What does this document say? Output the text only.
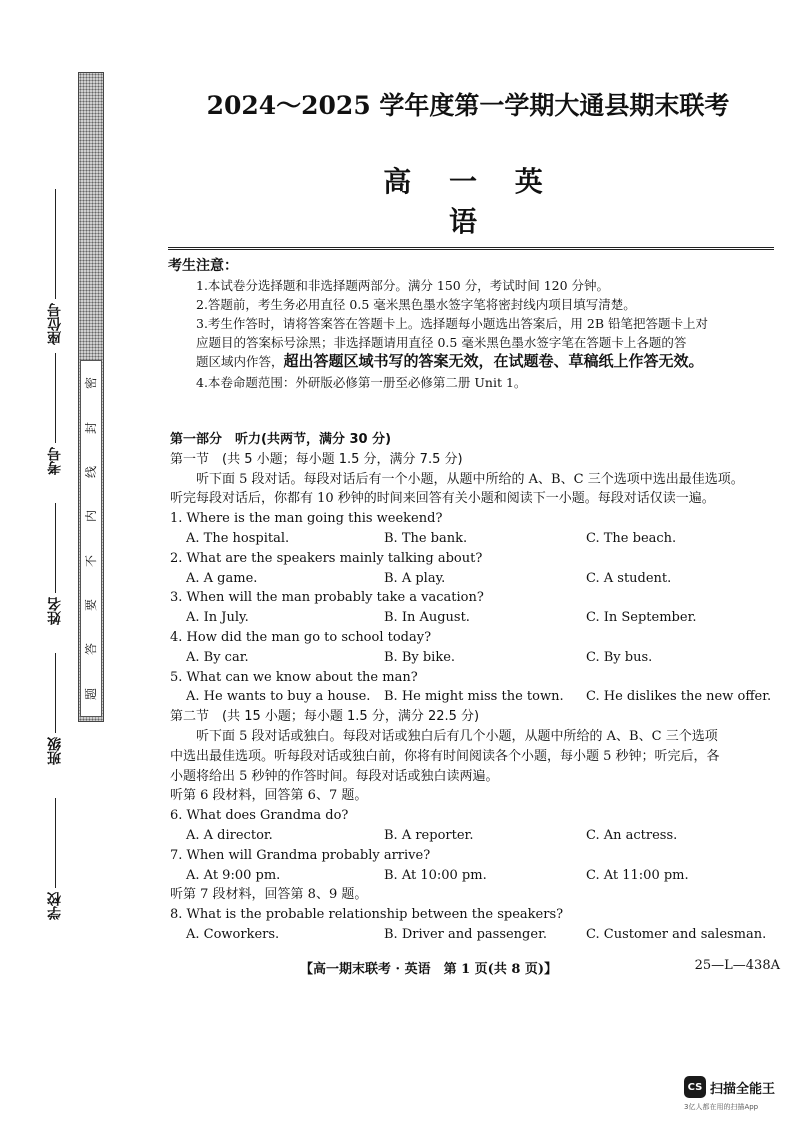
密
封
线
内
不
要
答
题
座位号
考号
姓名
班级
学校
2024～2025 学年度第一学期大通县期末联考
高 一 英 语
考生注意：
1.本试卷分选择题和非选择题两部分。满分 150 分，考试时间 120 分钟。
2.答题前，考生务必用直径 0.5 毫米黑色墨水签字笔将密封线内项目填写清楚。
3.考生作答时，请将答案答在答题卡上。选择题每小题选出答案后，用 2B 铅笔把答题卡上对
应题目的答案标号涂黑；非选择题请用直径 0.5 毫米黑色墨水签字笔在答题卡上各题的答
题区域内作答，超出答题区域书写的答案无效，在试题卷、草稿纸上作答无效。
4.本卷命题范围：外研版必修第一册至必修第二册 Unit 1。
第一部分　听力(共两节，满分 30 分)
第一节　(共 5 小题；每小题 1.5 分，满分 7.5 分)
听下面 5 段对话。每段对话后有一个小题，从题中所给的 A、B、C 三个选项中选出最佳选项。
听完每段对话后，你都有 10 秒钟的时间来回答有关小题和阅读下一小题。每段对话仅读一遍。
1. Where is the man going this weekend?
A. The hospital.	B. The bank.	C. The beach.
2. What are the speakers mainly talking about?
A. A game.	B. A play.	C. A student.
3. When will the man probably take a vacation?
A. In July.	B. In August.	C. In September.
4. How did the man go to school today?
A. By car.	B. By bike.	C. By bus.
5. What can we know about the man?
A. He wants to buy a house.	B. He might miss the town.	C. He dislikes the new offer.
第二节　(共 15 小题；每小题 1.5 分，满分 22.5 分)
听下面 5 段对话或独白。每段对话或独白后有几个小题，从题中所给的 A、B、C 三个选项
中选出最佳选项。听每段对话或独白前，你将有时间阅读各个小题，每小题 5 秒钟；听完后，各
小题将给出 5 秒钟的作答时间。每段对话或独白读两遍。
听第 6 段材料，回答第 6、7 题。
6. What does Grandma do?
A. A director.	B. A reporter.	C. An actress.
7. When will Grandma probably arrive?
A. At 9:00 pm.	B. At 10:00 pm.	C. At 11:00 pm.
听第 7 段材料，回答第 8、9 题。
8. What is the probable relationship between the speakers?
A. Coworkers.	B. Driver and passenger.	C. Customer and salesman.
【高一期末联考 · 英语　第 1 页(共 8 页)】	25—L—438A
CS 扫描全能王
3亿人都在用的扫描App
